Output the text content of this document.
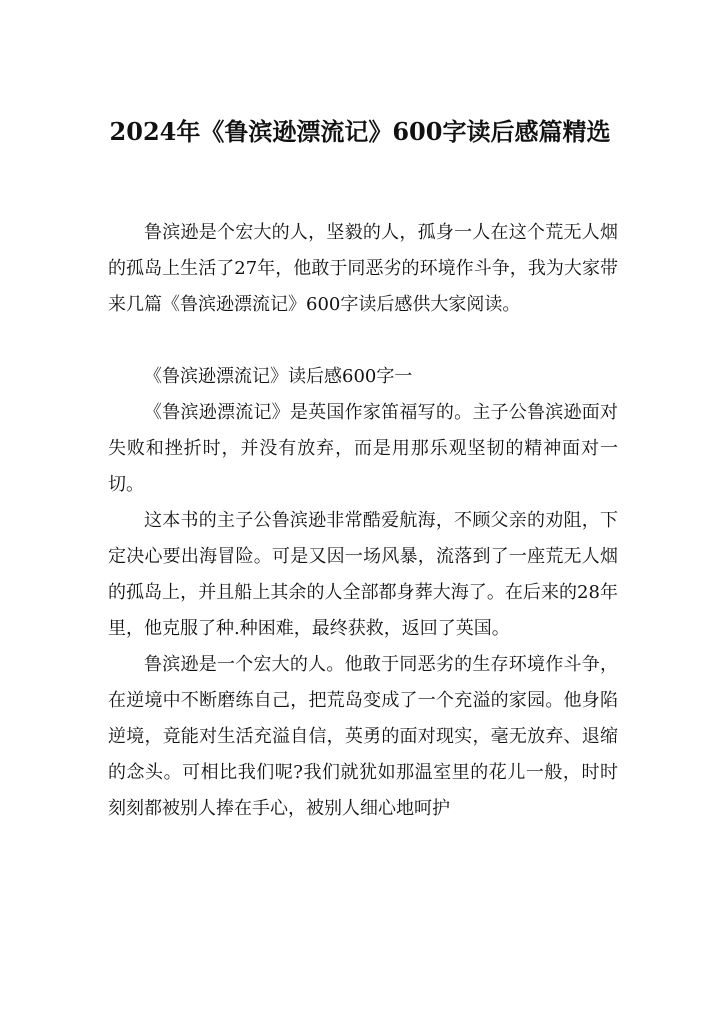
2024年《鲁滨逊漂流记》600字读后感篇精选

鲁滨逊是个宏大的人，坚毅的人，孤身一人在这个荒无人烟的孤岛上生活了27年，他敢于同恶劣的环境作斗争，我为大家带来几篇《鲁滨逊漂流记》600字读后感供大家阅读。

《鲁滨逊漂流记》读后感600字一

《鲁滨逊漂流记》是英国作家笛福写的。主子公鲁滨逊面对失败和挫折时，并没有放弃，而是用那乐观坚韧的精神面对一切。

这本书的主子公鲁滨逊非常酷爱航海，不顾父亲的劝阻，下定决心要出海冒险。可是又因一场风暴，流落到了一座荒无人烟的孤岛上，并且船上其余的人全部都身葬大海了。在后来的28年里，他克服了种.种困难，最终获救，返回了英国。

鲁滨逊是一个宏大的人。他敢于同恶劣的生存环境作斗争，在逆境中不断磨练自己，把荒岛变成了一个充溢的家园。他身陷逆境，竟能对生活充溢自信，英勇的面对现实，毫无放弃、退缩的念头。可相比我们呢?我们就犹如那温室里的花儿一般，时时刻刻都被别人捧在手心，被别人细心地呵护
